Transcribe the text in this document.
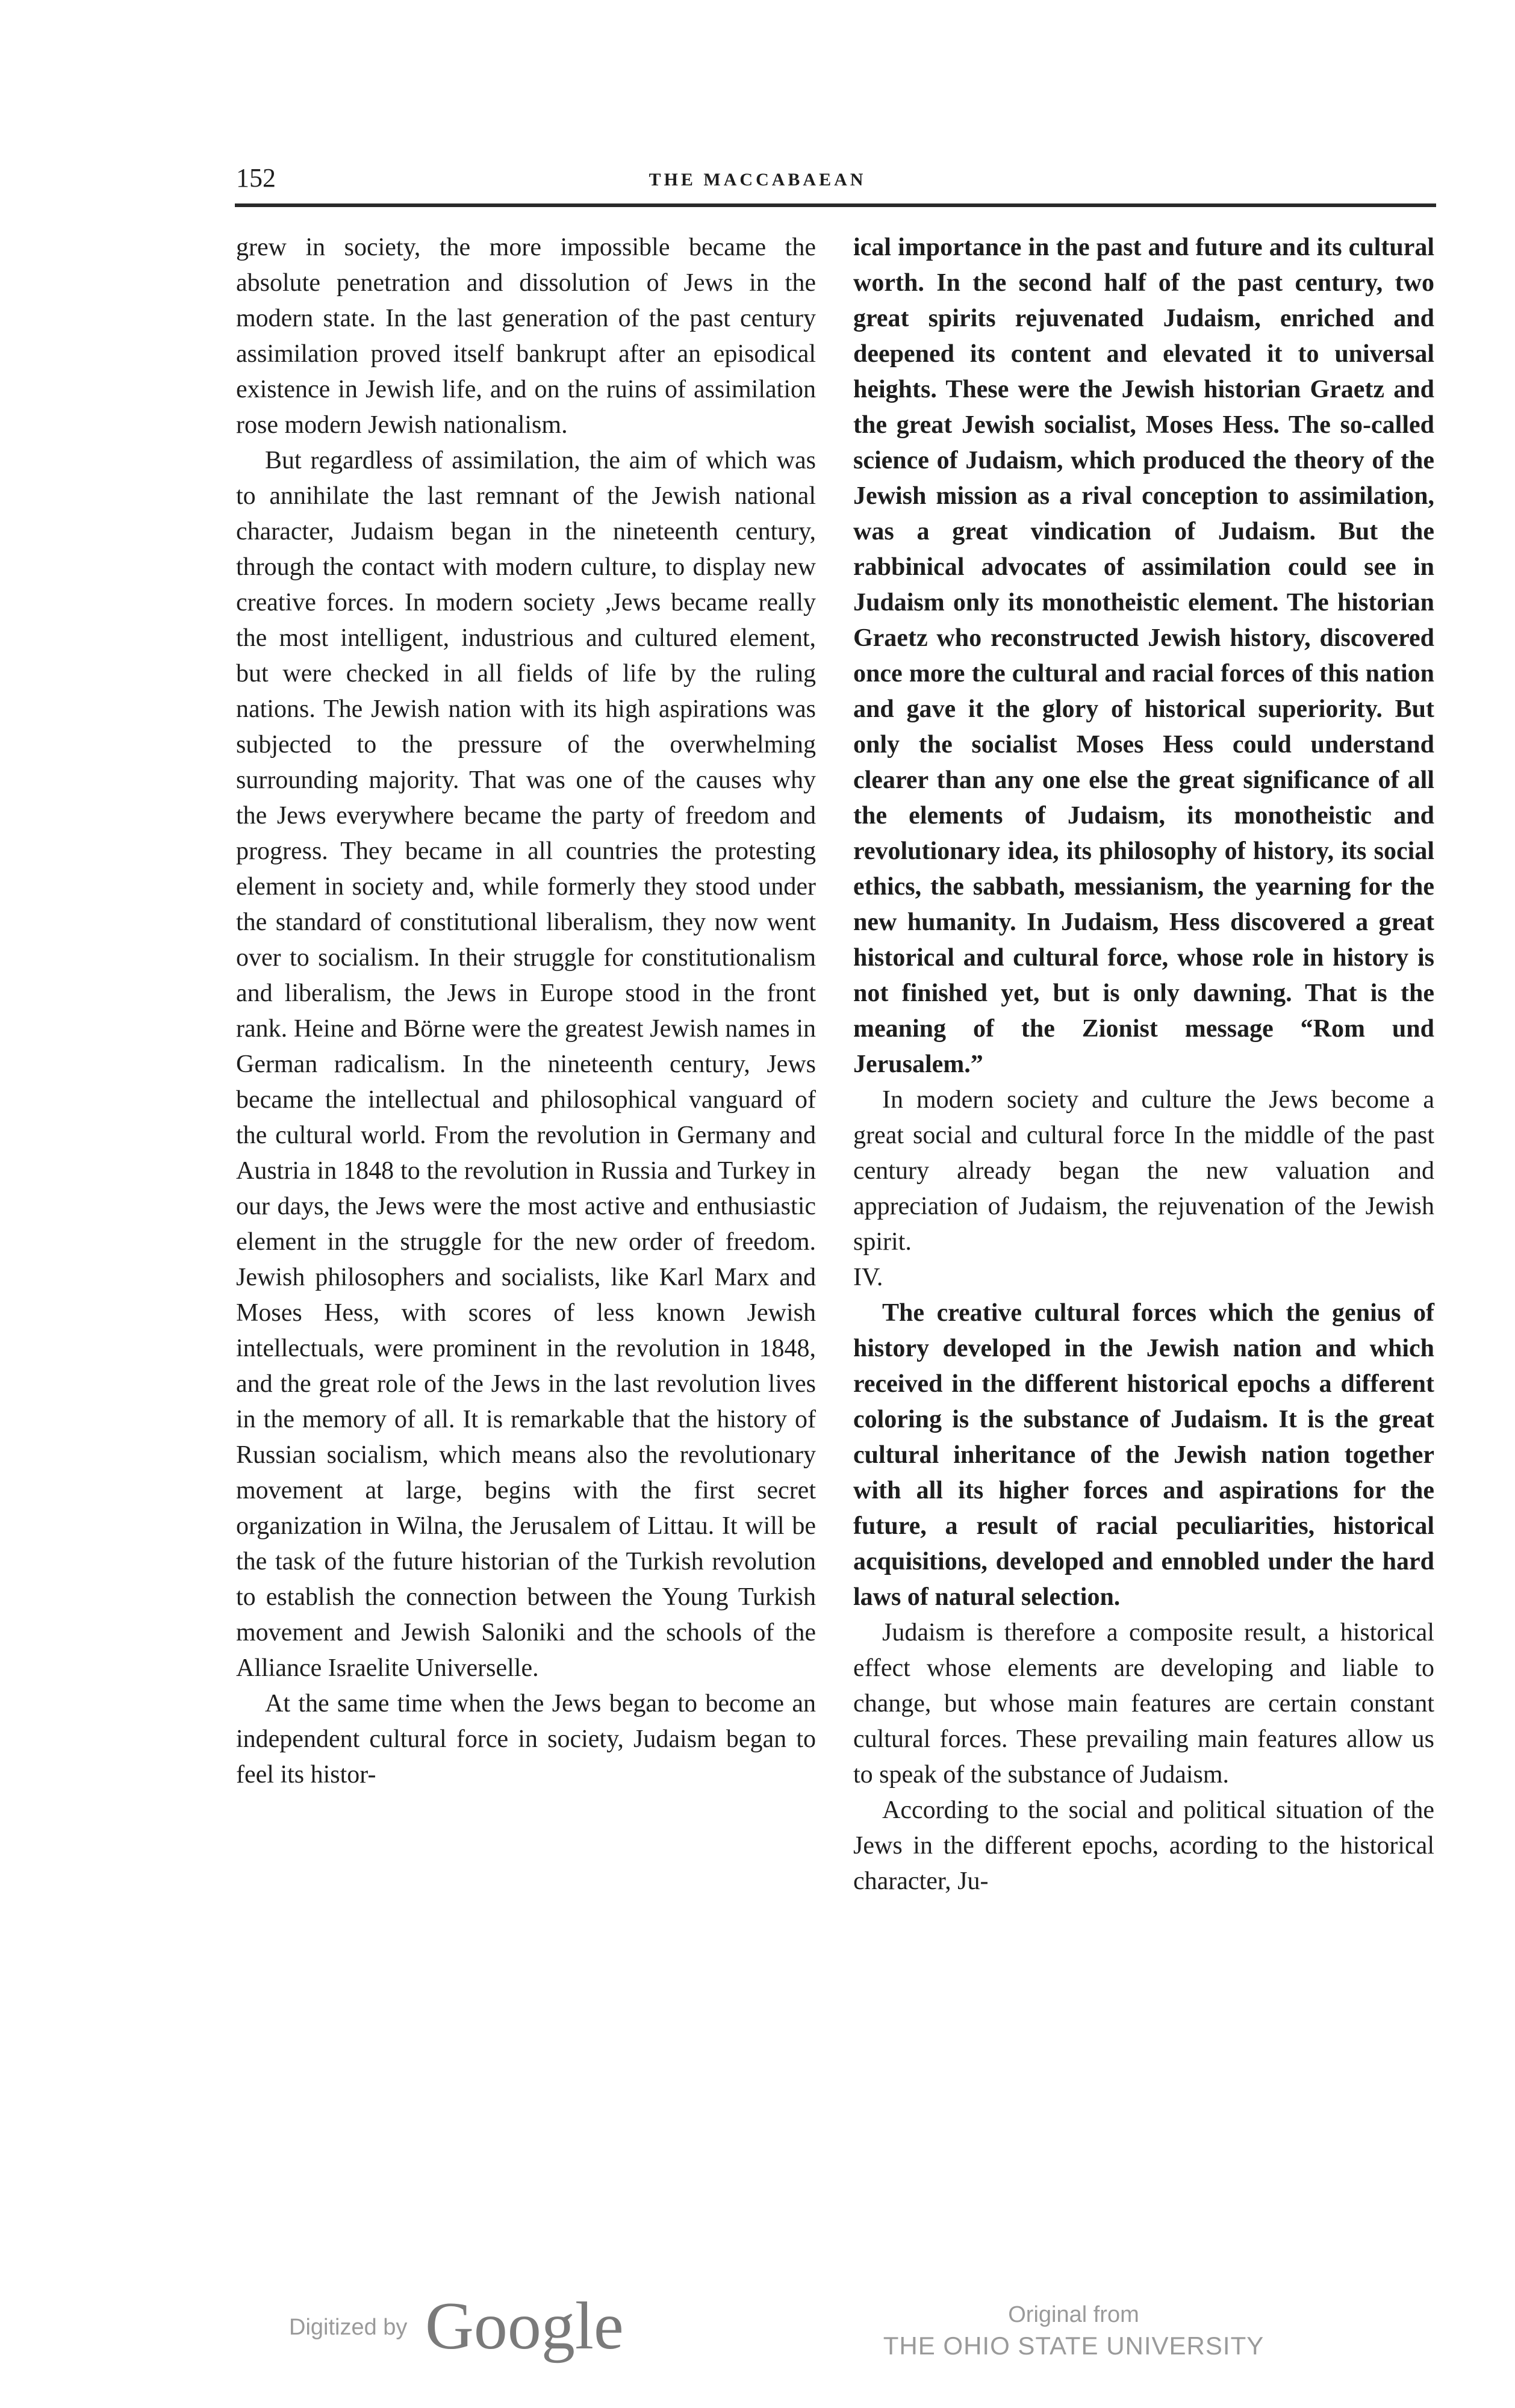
152	THE MACCABAEAN

grew in society, the more impossible became the absolute penetration and dissolution of Jews in the modern state. In the last generation of the past century assimilation proved itself bankrupt after an episodical existence in Jewish life, and on the ruins of assimilation rose modern Jewish nationalism.

But regardless of assimilation, the aim of which was to annihilate the last remnant of the Jewish national character, Judaism began in the nineteenth century, through the contact with modern culture, to display new creative forces. In modern society ,Jews became really the most intelligent, industrious and cultured element, but were checked in all fields of life by the ruling nations. The Jewish nation with its high aspirations was subjected to the pressure of the overwhelming surrounding majority. That was one of the causes why the Jews everywhere became the party of freedom and progress. They became in all countries the protesting element in society and, while formerly they stood under the standard of constitutional liberalism, they now went over to socialism. In their struggle for constitutionalism and liberalism, the Jews in Europe stood in the front rank. Heine and Börne were the greatest Jewish names in German radicalism. In the nineteenth century, Jews became the intellectual and philosophical vanguard of the cultural world. From the revolution in Germany and Austria in 1848 to the revolution in Russia and Turkey in our days, the Jews were the most active and enthusiastic element in the struggle for the new order of freedom. Jewish philosophers and socialists, like Karl Marx and Moses Hess, with scores of less known Jewish intellectuals, were prominent in the revolution in 1848, and the great role of the Jews in the last revolution lives in the memory of all. It is remarkable that the history of Russian socialism, which means also the revolutionary movement at large, begins with the first secret organization in Wilna, the Jerusalem of Littau. It will be the task of the future historian of the Turkish revolution to establish the connection between the Young Turkish movement and Jewish Saloniki and the schools of the Alliance Israelite Universelle.

At the same time when the Jews began to become an independent cultural force in society, Judaism began to feel its histor-

ical importance in the past and future and its cultural worth. In the second half of the past century, two great spirits rejuvenated Judaism, enriched and deepened its content and elevated it to universal heights. These were the Jewish historian Graetz and the great Jewish socialist, Moses Hess. The so-called science of Judaism, which produced the theory of the Jewish mission as a rival conception to assimilation, was a great vindication of Judaism. But the rabbinical advocates of assimilation could see in Judaism only its monotheistic element. The historian Graetz who reconstructed Jewish history, discovered once more the cultural and racial forces of this nation and gave it the glory of historical superiority. But only the socialist Moses Hess could understand clearer than any one else the great significance of all the elements of Judaism, its monotheistic and revolutionary idea, its philosophy of history, its social ethics, the sabbath, messianism, the yearning for the new humanity. In Judaism, Hess discovered a great historical and cultural force, whose role in history is not finished yet, but is only dawning. That is the meaning of the Zionist message “Rom und Jerusalem.”

In modern society and culture the Jews become a great social and cultural force In the middle of the past century already began the new valuation and appreciation of Judaism, the rejuvenation of the Jewish spirit.

IV.

The creative cultural forces which the genius of history developed in the Jewish nation and which received in the different historical epochs a different coloring is the substance of Judaism. It is the great cultural inheritance of the Jewish nation together with all its higher forces and aspirations for the future, a result of racial peculiarities, historical acquisitions, developed and ennobled under the hard laws of natural selection.

Judaism is therefore a composite result, a historical effect whose elements are developing and liable to change, but whose main features are certain constant cultural forces. These prevailing main features allow us to speak of the substance of Judaism.

According to the social and political situation of the Jews in the different epochs, acording to the historical character, Ju-

Digitized by Google	Original from
THE OHIO STATE UNIVERSITY
